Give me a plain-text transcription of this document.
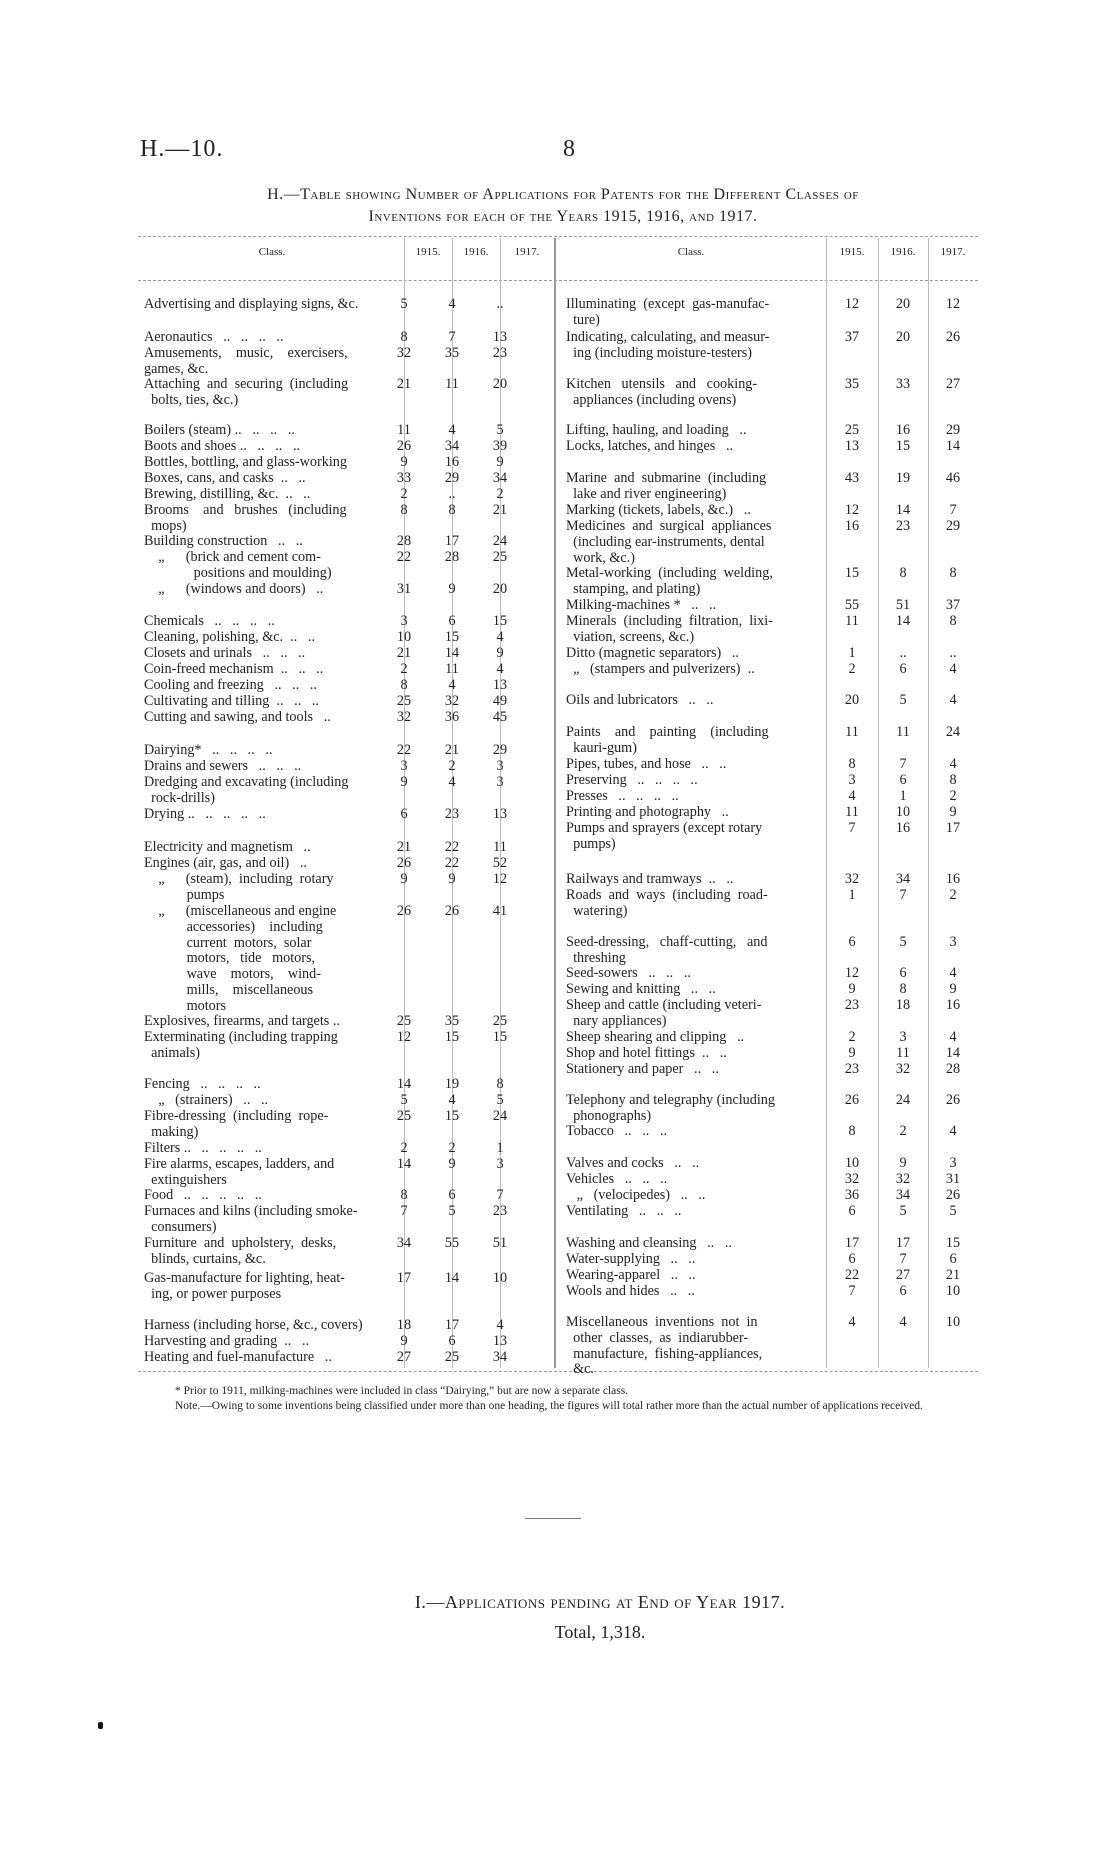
H.—10.	8
H.—Table showing Number of Applications for Patents for the Different Classes of
Inventions for each of the Years 1915, 1916, and 1917.
Class.	1915.	1916.	1917.	Class.	1915.	1916.	1917.
Advertising and displaying signs, &c.	5	4	..
Aeronautics   ..   ..   ..   ..	8	7	13
Amusements,    music,    exercisers,
games, &c.
32	35	23
Attaching  and  securing  (including
bolts, ties, &c.)
21	11	20
Boilers (steam) ..   ..   ..   ..	11	4	5
Boots and shoes ..   ..   ..   ..	26	34	39
Bottles, bottling, and glass-working	9	16	9
Boxes, cans, and casks  ..   ..	33	29	34
Brewing, distilling, &c.  ..   ..	2	..	2
Brooms    and   brushes   (including
mops)
8	8	21
Building construction   ..   ..	28	17	24
„      (brick and cement com-
positions and moulding)
22	28	25
„      (windows and doors)   ..	31	9	20
Chemicals   ..   ..   ..   ..	3	6	15
Cleaning, polishing, &c.  ..   ..	10	15	4
Closets and urinals   ..   ..   ..	21	14	9
Coin-freed mechanism  ..   ..   ..	2	11	4
Cooling and freezing   ..   ..   ..	8	4	13
Cultivating and tilling  ..   ..   ..	25	32	49
Cutting and sawing, and tools   ..	32	36	45
Dairying*   ..   ..   ..   ..	22	21	29
Drains and sewers   ..   ..   ..	3	2	3
Dredging and excavating (including
rock-drills)
9	4	3
Drying ..   ..   ..   ..   ..	6	23	13
Electricity and magnetism   ..	21	22	11
Engines (air, gas, and oil)   ..	26	22	52
„      (steam),  including  rotary
pumps
9	9	12
„      (miscellaneous and engine
accessories)    including
current  motors,  solar
motors,   tide   motors,
wave    motors,    wind-
mills,    miscellaneous
motors
26	26	41
Explosives, firearms, and targets ..	25	35	25
Exterminating (including trapping
animals)
12	15	15
Fencing   ..   ..   ..   ..	14	19	8
„   (strainers)   ..   ..	5	4	5
Fibre-dressing  (including  rope-
making)
25	15	24
Filters ..   ..   ..   ..   ..	2	2	1
Fire alarms, escapes, ladders, and
extinguishers
14	9	3
Food   ..   ..   ..   ..   ..	8	6	7
Furnaces and kilns (including smoke-
consumers)
7	5	23
Furniture  and  upholstery,  desks,
blinds, curtains, &c.
34	55	51
Gas-manufacture for lighting, heat-
ing, or power purposes
17	14	10
Harness (including horse, &c., covers)	18	17	4
Harvesting and grading  ..   ..	9	6	13
Heating and fuel-manufacture   ..	27	25	34
Illuminating  (except  gas-manufac-
ture)
12	20	12
Indicating, calculating, and measur-
ing (including moisture-testers)
37	20	26
Kitchen   utensils   and   cooking-
appliances (including ovens)
35	33	27
Lifting, hauling, and loading   ..	25	16	29
Locks, latches, and hinges   ..	13	15	14
Marine  and  submarine  (including
lake and river engineering)
43	19	46
Marking (tickets, labels, &c.)   ..	12	14	7
Medicines  and  surgical  appliances
(including ear-instruments, dental
work, &c.)
16	23	29
Metal-working  (including  welding,
stamping, and plating)
15	8	8
Milking-machines *   ..   ..	55	51	37
Minerals  (including  filtration,  lixi-
viation, screens, &c.)
11	14	8
Ditto (magnetic separators)   ..	1	..	..
„   (stampers and pulverizers)  ..	2	6	4
Oils and lubricators   ..   ..	20	5	4
Paints    and    painting    (including
kauri-gum)
11	11	24
Pipes, tubes, and hose   ..   ..	8	7	4
Preserving   ..   ..   ..   ..	3	6	8
Presses   ..   ..   ..   ..	4	1	2
Printing and photography   ..	11	10	9
Pumps and sprayers (except rotary
pumps)
7	16	17
Railways and tramways  ..   ..	32	34	16
Roads  and  ways  (including  road-
watering)
1	7	2
Seed-dressing,   chaff-cutting,   and
threshing
6	5	3
Seed-sowers   ..   ..   ..	12	6	4
Sewing and knitting   ..   ..	9	8	9
Sheep and cattle (including veteri-
nary appliances)
23	18	16
Sheep shearing and clipping   ..	2	3	4
Shop and hotel fittings  ..   ..	9	11	14
Stationery and paper   ..   ..	23	32	28
Telephony and telegraphy (including
phonographs)
26	24	26
Tobacco   ..   ..   ..	8	2	4
Valves and cocks   ..   ..	10	9	3
Vehicles   ..   ..   ..	32	32	31
„   (velocipedes)   ..   ..	36	34	26
Ventilating   ..   ..   ..	6	5	5
Washing and cleansing   ..   ..	17	17	15
Water-supplying   ..   ..	6	7	6
Wearing-apparel   ..   ..	22	27	21
Wools and hides   ..   ..	7	6	10
Miscellaneous  inventions  not  in
other  classes,  as  indiarubber-
manufacture,  fishing-appliances,
&c.
4	4	10
* Prior to 1911, milking-machines were included in class “Dairying,” but are now a separate class.
Note.—Owing to some inventions being classified under more than one heading, the figures will total rather more than the actual number of applications received.
I.—Applications pending at End of Year 1917.
Total, 1,318.
